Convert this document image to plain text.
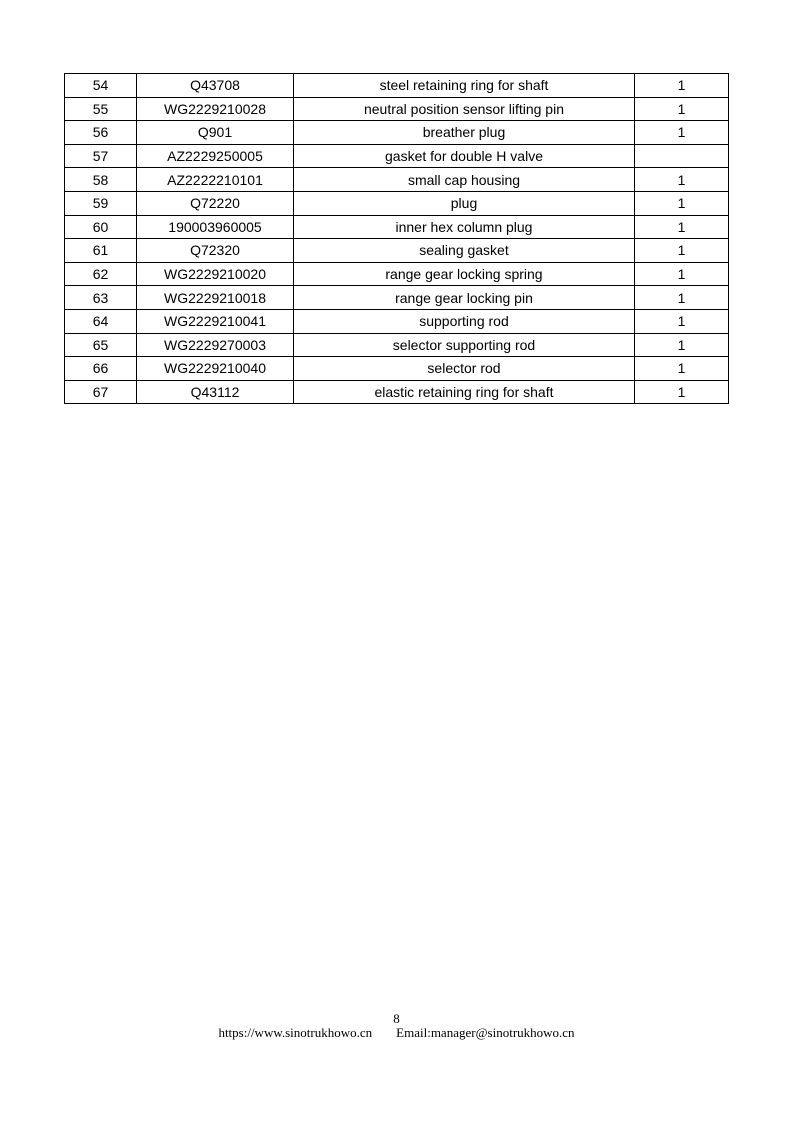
54	Q43708	steel retaining ring for shaft	1
55	WG2229210028	neutral position sensor lifting pin	1
56	Q901	breather plug	1
57	AZ2229250005	gasket for double H valve	
58	AZ2222210101	small cap housing	1
59	Q72220	plug	1
60	190003960005	inner hex column plug	1
61	Q72320	sealing gasket	1
62	WG2229210020	range gear locking spring	1
63	WG2229210018	range gear locking pin	1
64	WG2229210041	supporting rod	1
65	WG2229270003	selector supporting rod	1
66	WG2229210040	selector rod	1
67	Q43112	elastic retaining ring for shaft	1
8
https://www.sinotrukhowo.cn Email:manager@sinotrukhowo.cn
